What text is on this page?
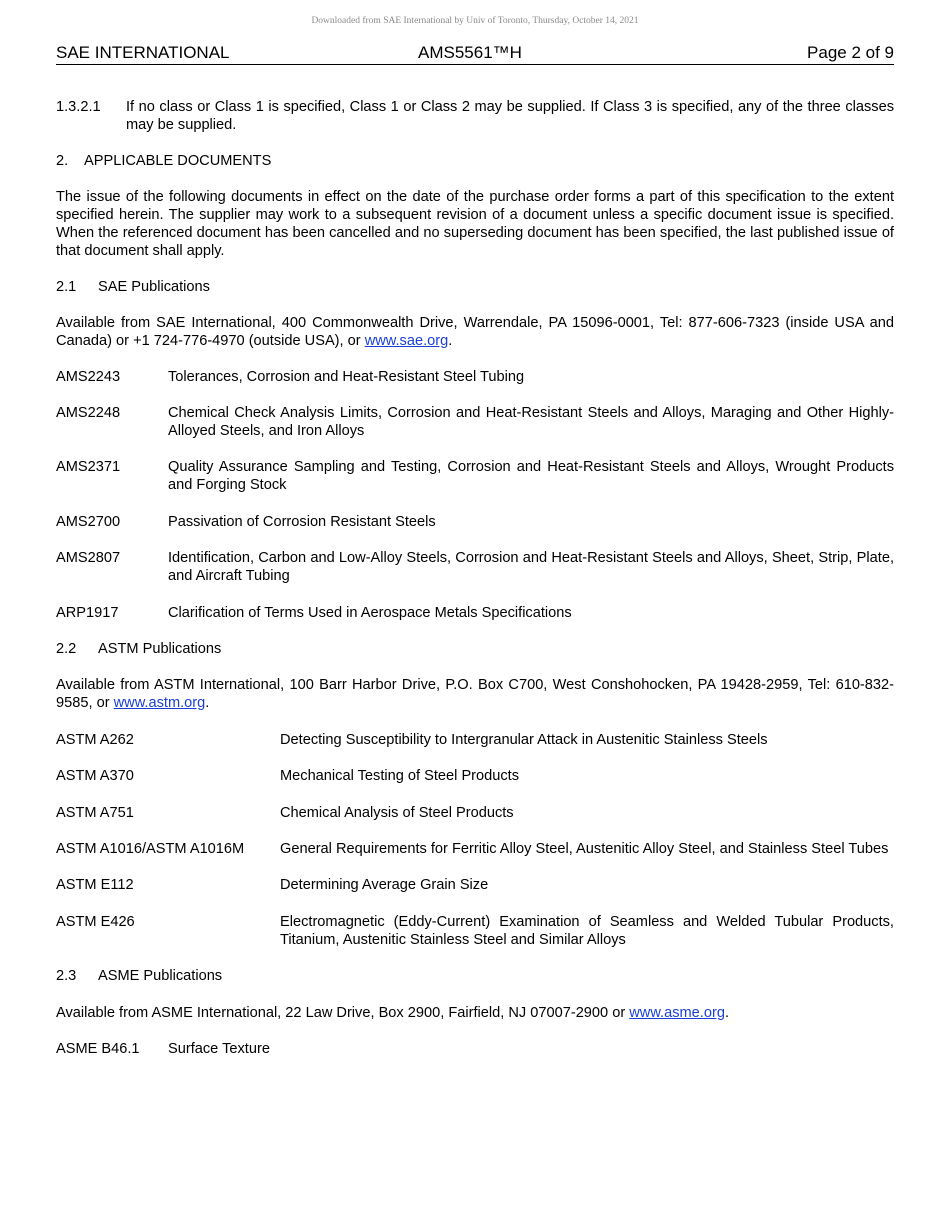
Downloaded from SAE International by Univ of Toronto, Thursday, October 14, 2021
SAE INTERNATIONAL	AMS5561™H	Page 2 of 9
1.3.2.1	If no class or Class 1 is specified, Class 1 or Class 2 may be supplied. If Class 3 is specified, any of the three classes may be supplied.

2. APPLICABLE DOCUMENTS

The issue of the following documents in effect on the date of the purchase order forms a part of this specification to the extent specified herein. The supplier may work to a subsequent revision of a document unless a specific document issue is specified. When the referenced document has been cancelled and no superseding document has been specified, the last published issue of that document shall apply.

2.1 SAE Publications

Available from SAE International, 400 Commonwealth Drive, Warrendale, PA 15096-0001, Tel: 877-606-7323 (inside USA and Canada) or +1 724-776-4970 (outside USA), or www.sae.org.

AMS2243	Tolerances, Corrosion and Heat-Resistant Steel Tubing
AMS2248	Chemical Check Analysis Limits, Corrosion and Heat-Resistant Steels and Alloys, Maraging and Other Highly-Alloyed Steels, and Iron Alloys
AMS2371	Quality Assurance Sampling and Testing, Corrosion and Heat-Resistant Steels and Alloys, Wrought Products and Forging Stock
AMS2700	Passivation of Corrosion Resistant Steels
AMS2807	Identification, Carbon and Low-Alloy Steels, Corrosion and Heat-Resistant Steels and Alloys, Sheet, Strip, Plate, and Aircraft Tubing
ARP1917	Clarification of Terms Used in Aerospace Metals Specifications

2.2 ASTM Publications

Available from ASTM International, 100 Barr Harbor Drive, P.O. Box C700, West Conshohocken, PA 19428-2959, Tel: 610-832-9585, or www.astm.org.

ASTM A262	Detecting Susceptibility to Intergranular Attack in Austenitic Stainless Steels
ASTM A370	Mechanical Testing of Steel Products
ASTM A751	Chemical Analysis of Steel Products
ASTM A1016/ASTM A1016M	General Requirements for Ferritic Alloy Steel, Austenitic Alloy Steel, and Stainless Steel Tubes
ASTM E112	Determining Average Grain Size
ASTM E426	Electromagnetic (Eddy-Current) Examination of Seamless and Welded Tubular Products, Titanium, Austenitic Stainless Steel and Similar Alloys

2.3 ASME Publications

Available from ASME International, 22 Law Drive, Box 2900, Fairfield, NJ 07007-2900 or www.asme.org.

ASME B46.1	Surface Texture
